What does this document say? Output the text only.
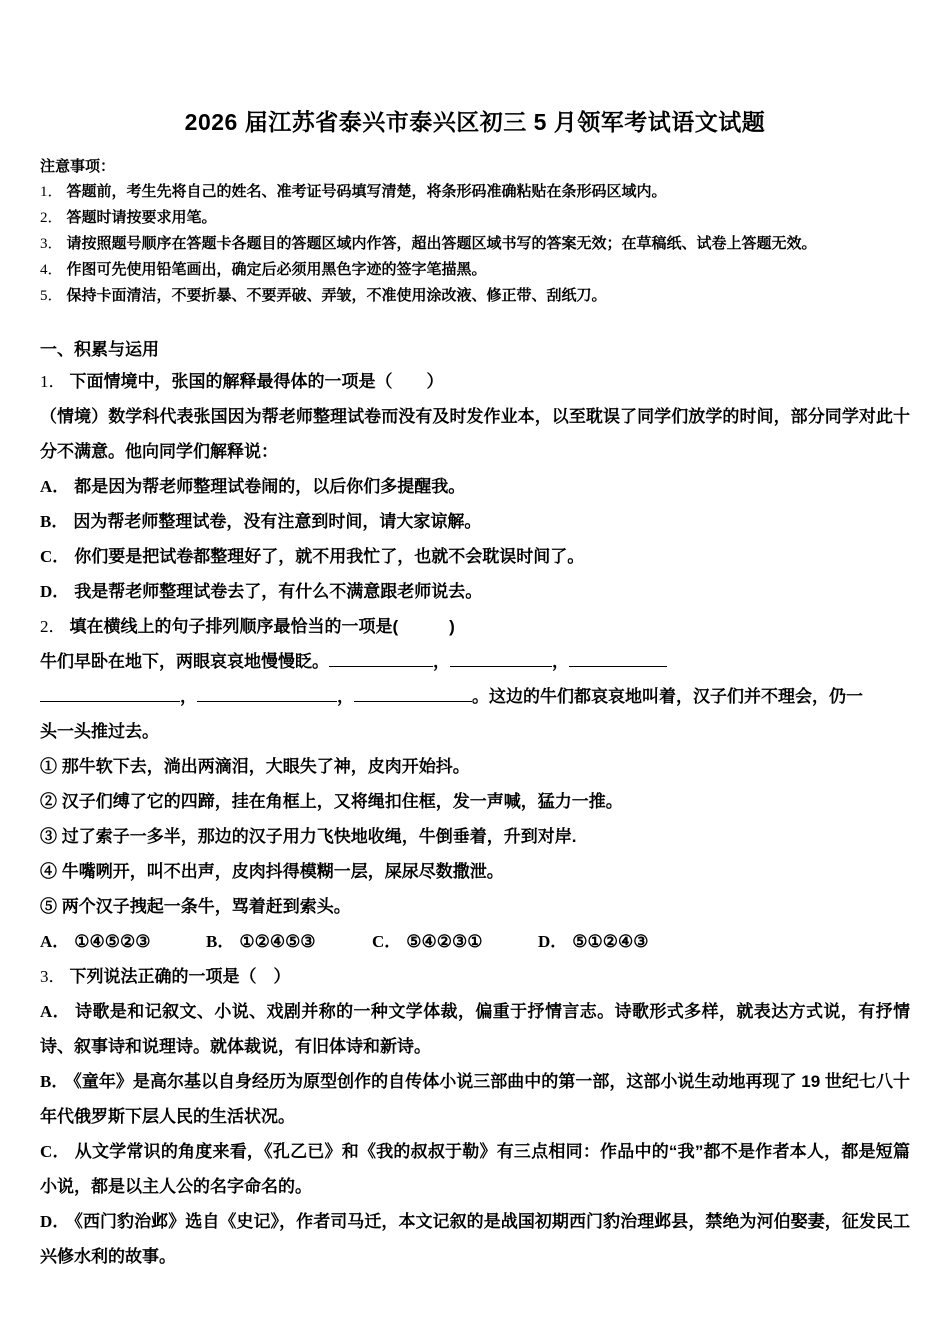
2026 届江苏省泰兴市泰兴区初三 5 月领军考试语文试题
注意事项：
1． 答题前，考生先将自己的姓名、准考证号码填写清楚，将条形码准确粘贴在条形码区域内。
2． 答题时请按要求用笔。
3． 请按照题号顺序在答题卡各题目的答题区域内作答，超出答题区域书写的答案无效；在草稿纸、试卷上答题无效。
4． 作图可先使用铅笔画出，确定后必须用黑色字迹的签字笔描黑。
5． 保持卡面清洁，不要折暴、不要弄破、弄皱，不准使用涂改液、修正带、刮纸刀。
一、积累与运用
1． 下面情境中，张国的解释最得体的一项是（　　）
（情境）数学科代表张国因为帮老师整理试卷而没有及时发作业本，以至耽误了同学们放学的时间，部分同学对此十分不满意。他向同学们解释说：
A． 都是因为帮老师整理试卷闹的，以后你们多提醒我。
B． 因为帮老师整理试卷，没有注意到时间，请大家谅解。
C． 你们要是把试卷都整理好了，就不用我忙了，也就不会耽误时间了。
D． 我是帮老师整理试卷去了，有什么不满意跟老师说去。
2． 填在横线上的句子排列顺序最恰当的一项是(　　　)
牛们早卧在地下，两眼哀哀地慢慢眨。	，	，
，	，	。这边的牛们都哀哀地叫着，汉子们并不理会，仍一
头一头推过去。
① 那牛软下去，淌出两滴泪，大眼失了神，皮肉开始抖。
② 汉子们缚了它的四蹄，挂在角框上，又将绳扣住框，发一声喊，猛力一推。
③ 过了索子一多半，那边的汉子用力飞快地收绳，牛倒垂着，升到对岸.
④ 牛嘴咧开，叫不出声，皮肉抖得模糊一层，屎尿尽数撒泄。
⑤ 两个汉子拽起一条牛，骂着赶到索头。
A． ①④⑤②③	B． ①②④⑤③	C． ⑤④②③①	D． ⑤①②④③
3． 下列说法正确的一项是（　）
A． 诗歌是和记叙文、小说、戏剧并称的一种文学体裁，偏重于抒情言志。诗歌形式多样，就表达方式说，有抒情诗、叙事诗和说理诗。就体裁说，有旧体诗和新诗。
B． 《童年》是高尔基以自身经历为原型创作的自传体小说三部曲中的第一部，这部小说生动地再现了 19 世纪七八十年代俄罗斯下层人民的生活状况。
C． 从文学常识的角度来看，《孔乙已》和《我的叔叔于勒》有三点相同：作品中的“我”都不是作者本人，都是短篇小说，都是以主人公的名字命名的。
D． 《西门豹治邺》选自《史记》，作者司马迁，本文记叙的是战国初期西门豹治理邺县，禁绝为河伯娶妻，征发民工兴修水利的故事。
